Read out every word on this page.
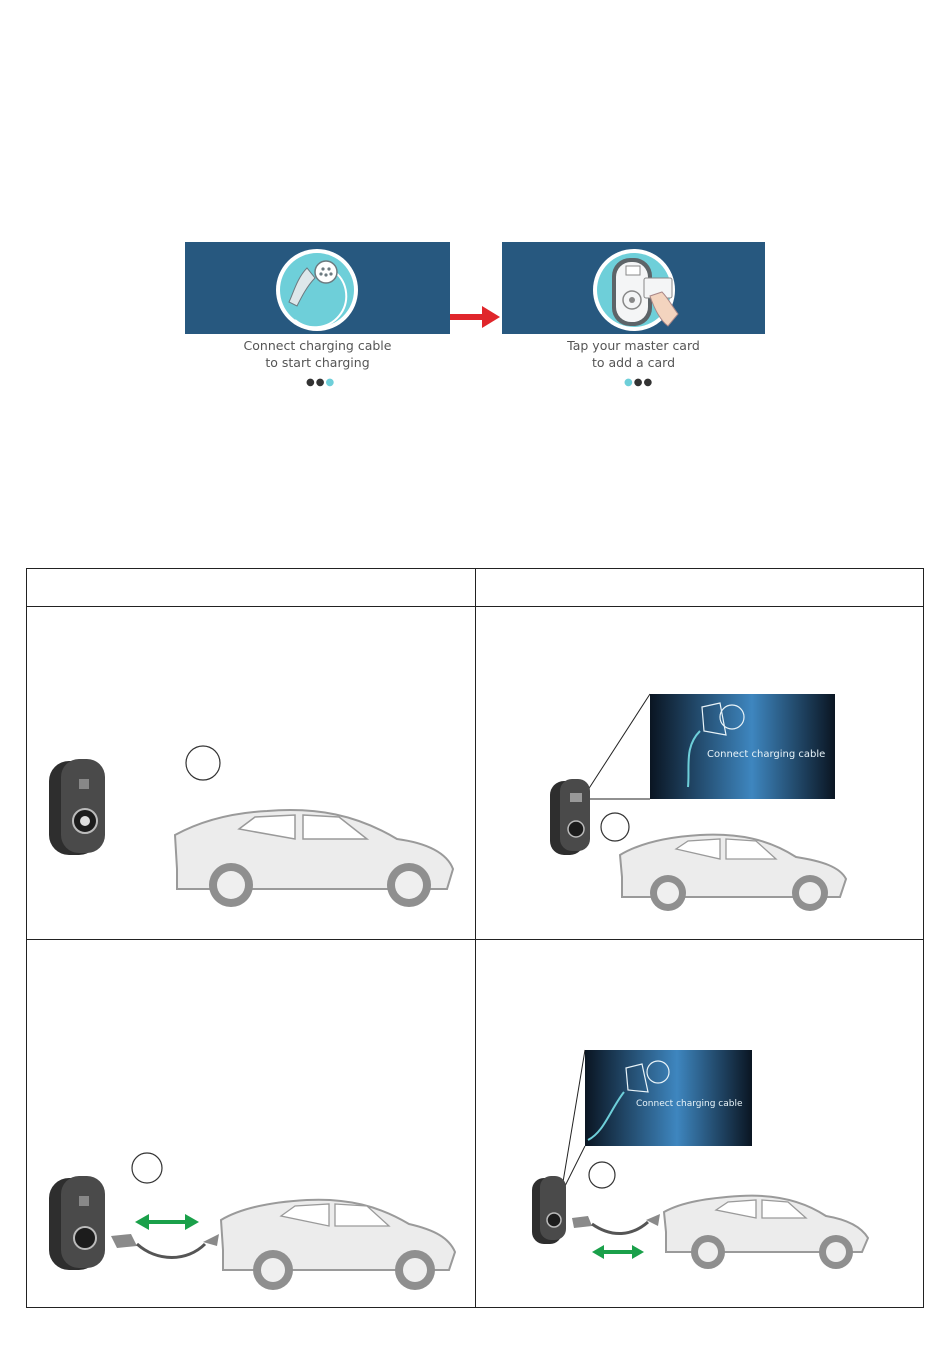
Connect charging cable
to start charging
●●●
Tap your master card
to add a card
●●●
Connect charging cable
Connect charging cable
